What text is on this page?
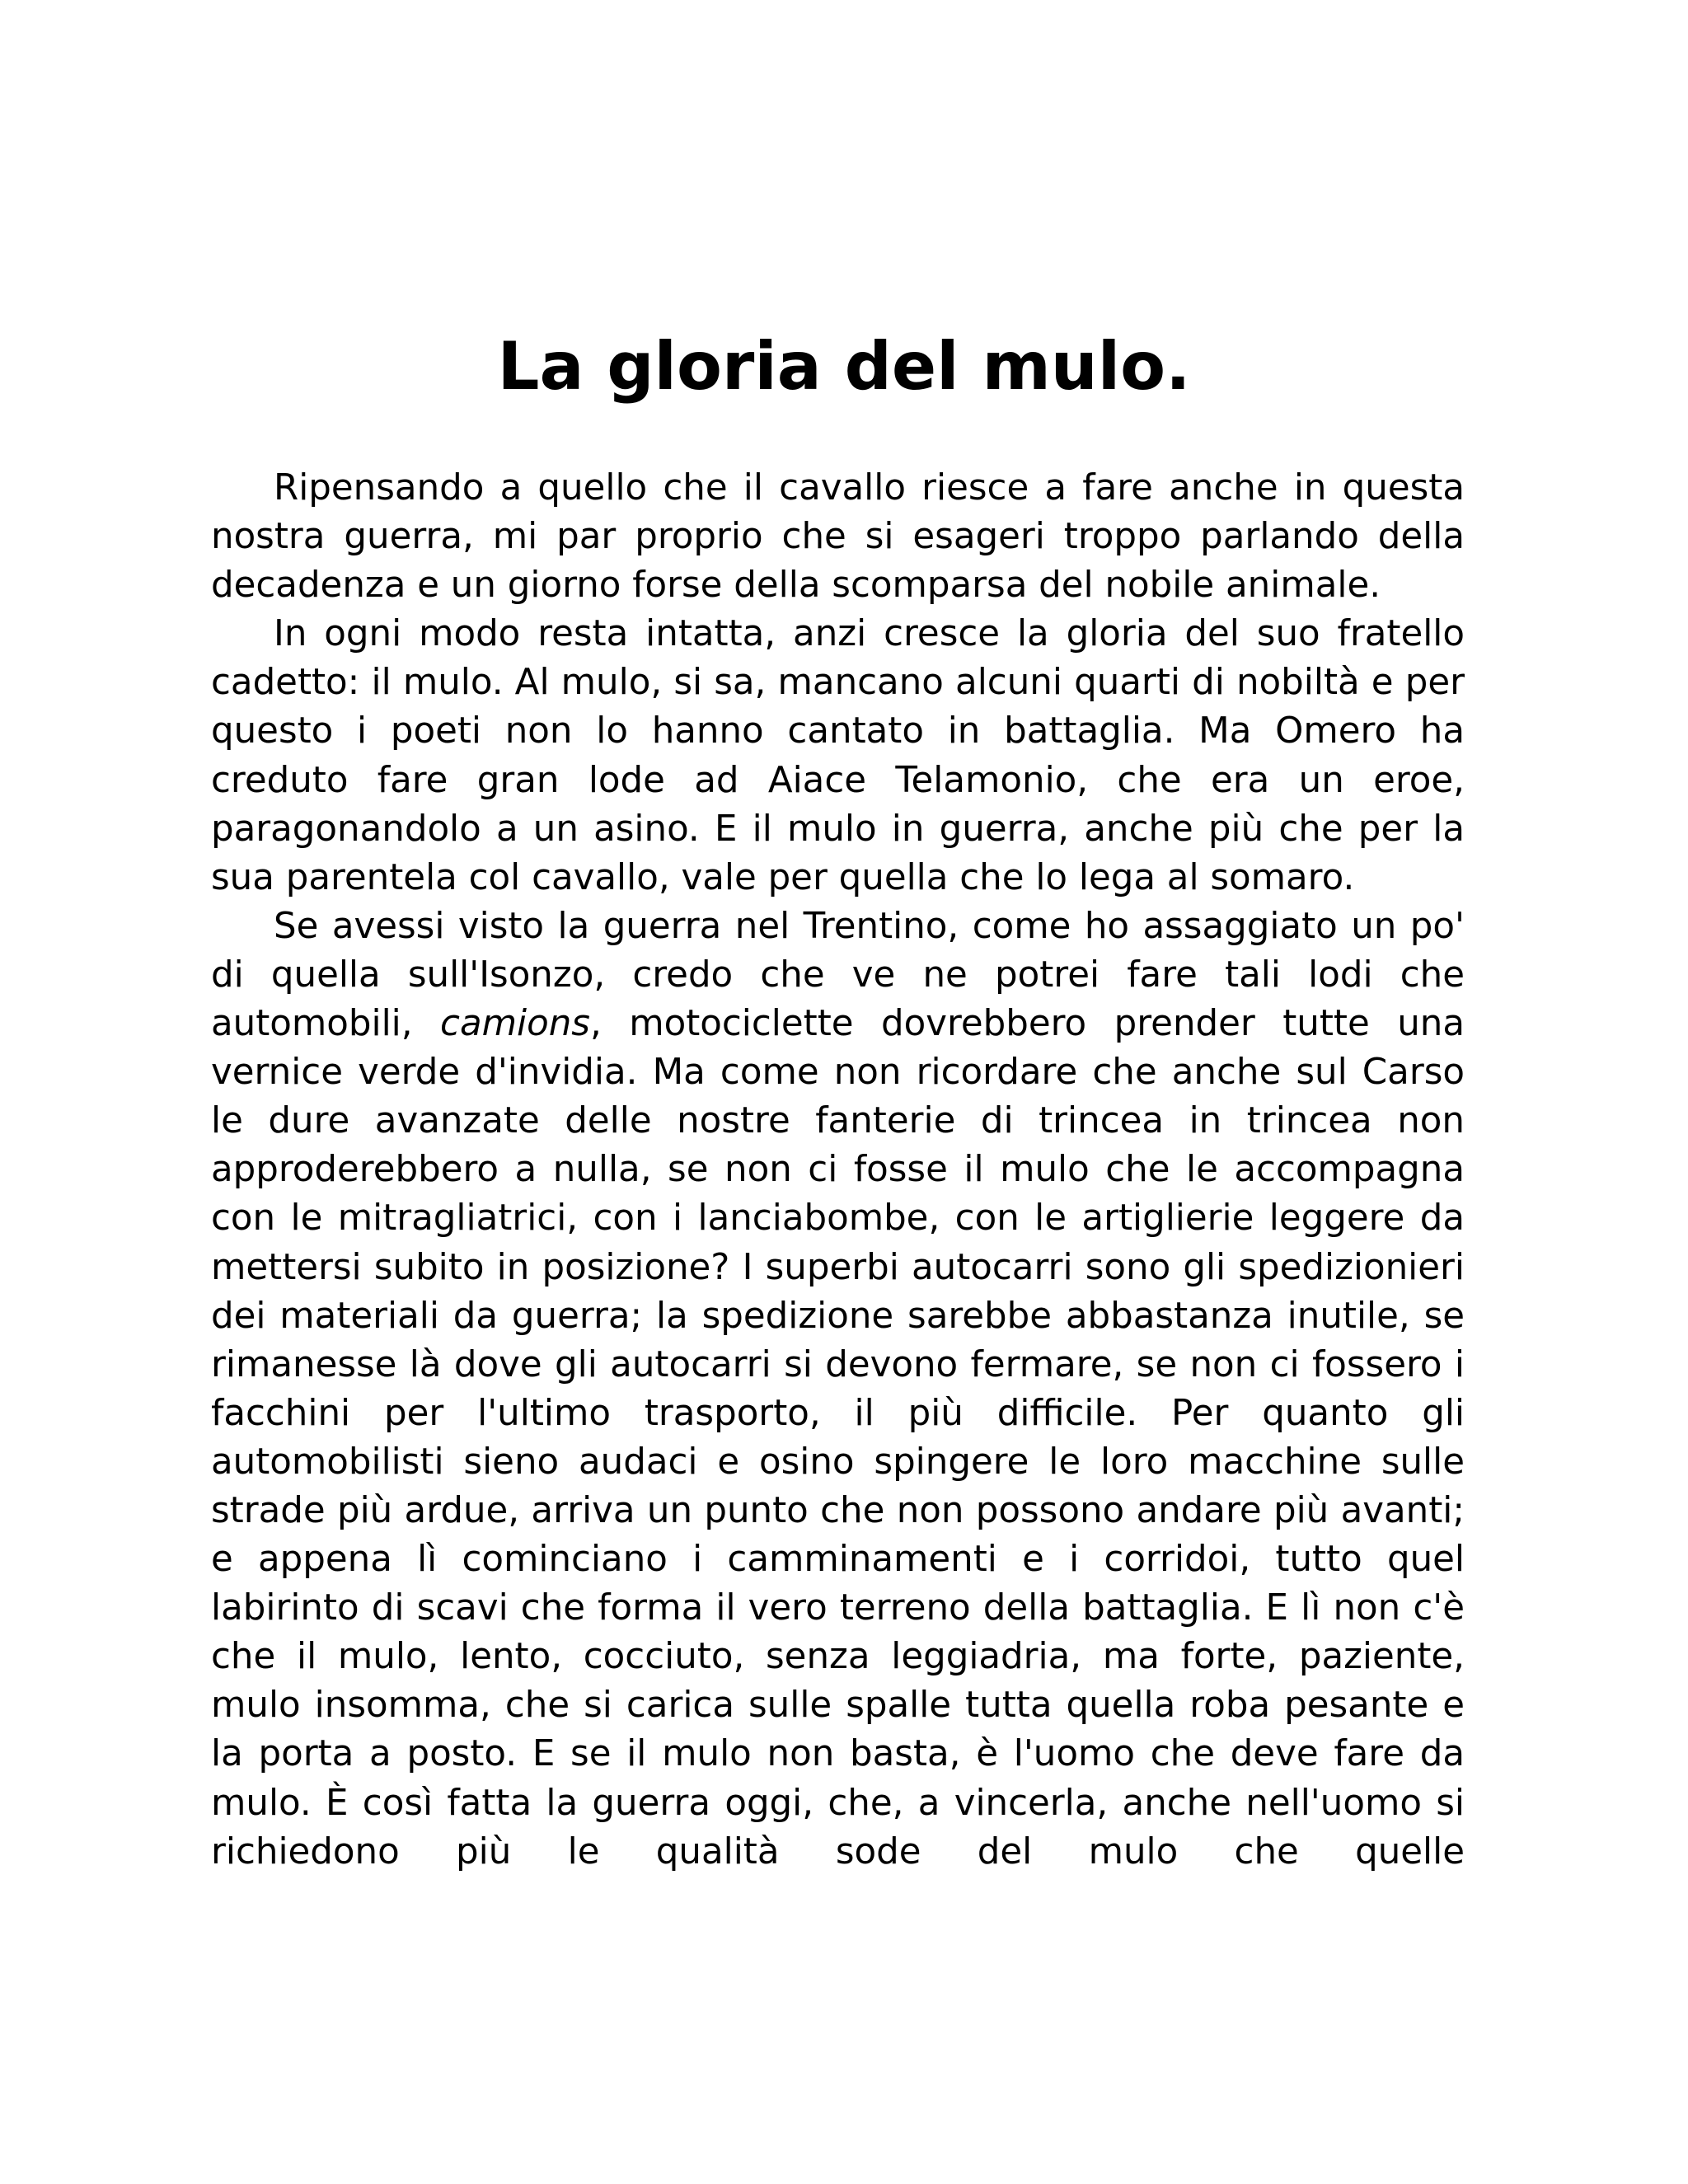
La gloria del mulo.

Ripensando a quello che il cavallo riesce a fare anche in questa nostra guerra, mi par proprio che si esageri troppo parlando della decadenza e un giorno forse della scomparsa del nobile animale.

In ogni modo resta intatta, anzi cresce la gloria del suo fratello cadetto: il mulo. Al mulo, si sa, mancano alcuni quarti di nobiltà e per questo i poeti non lo hanno cantato in battaglia. Ma Omero ha creduto fare gran lode ad Aiace Telamonio, che era un eroe, paragonandolo a un asino. E il mulo in guerra, anche più che per la sua parentela col cavallo, vale per quella che lo lega al somaro.

Se avessi visto la guerra nel Trentino, come ho assaggiato un po' di quella sull'Isonzo, credo che ve ne potrei fare tali lodi che automobili, camions, motociclette dovrebbero prender tutte una vernice verde d'invidia. Ma come non ricordare che anche sul Carso le dure avanzate delle nostre fanterie di trincea in trincea non approderebbero a nulla, se non ci fosse il mulo che le accompagna con le mitragliatrici, con i lanciabombe, con le artiglierie leggere da mettersi subito in posizione? I superbi autocarri sono gli spedizionieri dei materiali da guerra; la spedizione sarebbe abbastanza inutile, se rimanesse là dove gli autocarri si devono fermare, se non ci fossero i facchini per l'ultimo trasporto, il più difficile. Per quanto gli automobilisti sieno audaci e osino spingere le loro macchine sulle strade più ardue, arriva un punto che non possono andare più avanti; e appena lì cominciano i camminamenti e i corridoi, tutto quel labirinto di scavi che forma il vero terreno della battaglia. E lì non c'è che il mulo, lento, cocciuto, senza leggiadria, ma forte, paziente, mulo insomma, che si carica sulle spalle tutta quella roba pesante e la porta a posto. E se il mulo non basta, è l'uomo che deve fare da mulo. È così fatta la guerra oggi, che, a vincerla, anche nell'uomo si richiedono più le qualità sode del mulo che quelle
